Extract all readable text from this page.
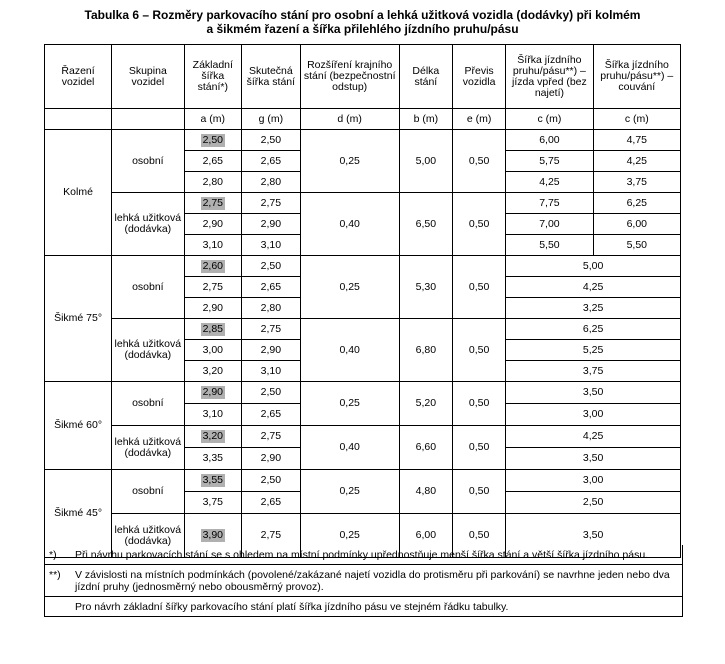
Tabulka 6 – Rozměry parkovacího stání pro osobní a lehká užitková vozidla (dodávky) při kolmém
a šikmém řazení a šířka přilehlého jízdního pruhu/pásu
Řazení vozidel	Skupina vozidel	Základní šířka stání*)	Skutečná šířka stání	Rozšíření krajního stání (bezpečnostní odstup)	Délka stání	Převis vozidla	Šířka jízdního pruhu/pásu**) – jízda vpřed (bez najetí)	Šířka jízdního pruhu/pásu**) – couvání
		a (m)	g (m)	d (m)	b (m)	e (m)	c (m)	c (m)
Kolmé	osobní	2,50	2,50	0,25	5,00	0,50	6,00	4,75
		2,65	2,65				5,75	4,25
		2,80	2,80				4,25	3,75
	lehká užitková (dodávka)	2,75	2,75	0,40	6,50	0,50	7,75	6,25
		2,90	2,90				7,00	6,00
		3,10	3,10				5,50	5,50
Šikmé 75°	osobní	2,60	2,50	0,25	5,30	0,50	5,00	
		2,75	2,65				4,25	
		2,90	2,80				3,25	
	lehká užitková (dodávka)	2,85	2,75	0,40	6,80	0,50	6,25	
		3,00	2,90				5,25	
		3,20	3,10				3,75	
Šikmé 60°	osobní	2,90	2,50	0,25	5,20	0,50	3,50	
		3,10	2,65				3,00	
	lehká užitková (dodávka)	3,20	2,75	0,40	6,60	0,50	4,25	
		3,35	2,90				3,50	
Šikmé 45°	osobní	3,55	2,50	0,25	4,80	0,50	3,00	
		3,75	2,65				2,50	
	lehká užitková (dodávka)	3,90	2,75	0,25	6,00	0,50	3,50	
*)	Při návrhu parkovacích stání se s ohledem na místní podmínky upřednostňuje menší šířka stání a větší šířka jízdního pásu.
**)	V závislosti na místních podmínkách (povolené/zakázané najetí vozidla do protisměru při parkování) se navrhne jeden nebo dva jízdní pruhy (jednosměrný nebo obousměrný provoz).
Pro návrh základní šířky parkovacího stání platí šířka jízdního pásu ve stejném řádku tabulky.
